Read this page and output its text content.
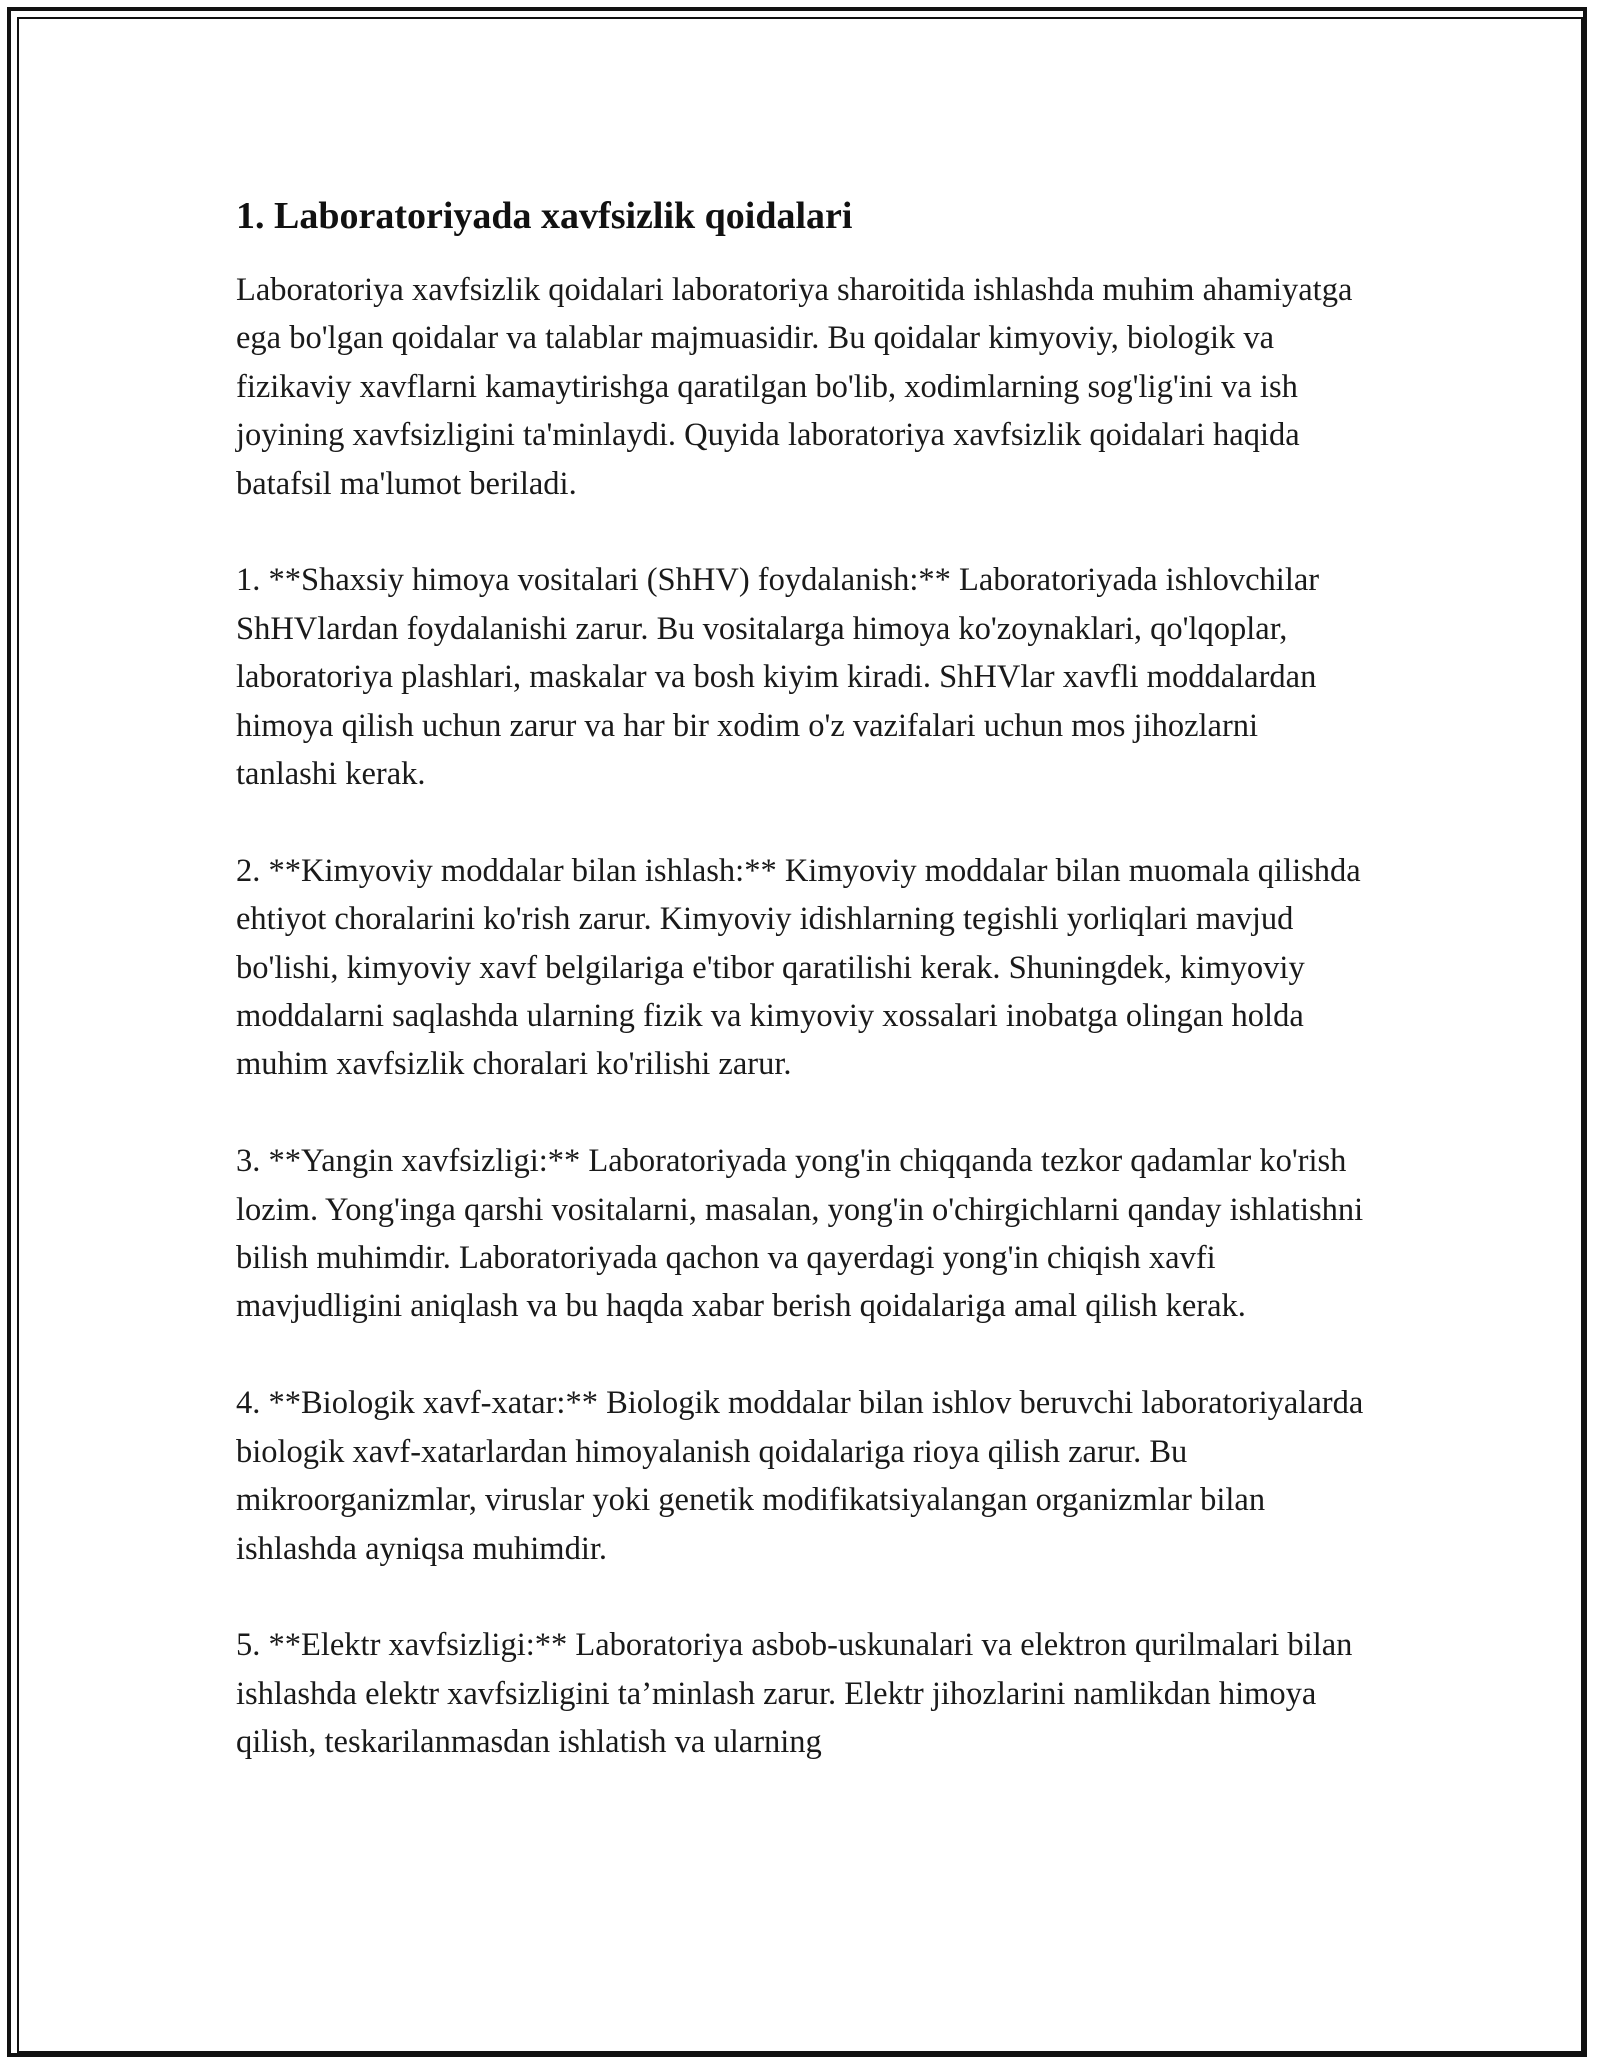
1. Laboratoriyada xavfsizlik qoidalari

Laboratoriya xavfsizlik qoidalari laboratoriya sharoitida ishlashda muhim ahamiyatga ega bo'lgan qoidalar va talablar majmuasidir. Bu qoidalar kimyoviy, biologik va fizikaviy xavflarni kamaytirishga qaratilgan bo'lib, xodimlarning sog'lig'ini va ish joyining xavfsizligini ta'minlaydi. Quyida laboratoriya xavfsizlik qoidalari haqida batafsil ma'lumot beriladi.

1. **Shaxsiy himoya vositalari (ShHV) foydalanish:** Laboratoriyada ishlovchilar ShHVlardan foydalanishi zarur. Bu vositalarga himoya ko'zoynaklari, qo'lqoplar, laboratoriya plashlari, maskalar va bosh kiyim kiradi. ShHVlar xavfli moddalardan himoya qilish uchun zarur va har bir xodim o'z vazifalari uchun mos jihozlarni tanlashi kerak.

2. **Kimyoviy moddalar bilan ishlash:** Kimyoviy moddalar bilan muomala qilishda ehtiyot choralarini ko'rish zarur. Kimyoviy idishlarning tegishli yorliqlari mavjud bo'lishi, kimyoviy xavf belgilariga e'tibor qaratilishi kerak. Shuningdek, kimyoviy moddalarni saqlashda ularning fizik va kimyoviy xossalari inobatga olingan holda muhim xavfsizlik choralari ko'rilishi zarur.

3. **Yangin xavfsizligi:** Laboratoriyada yong'in chiqqanda tezkor qadamlar ko'rish lozim. Yong'inga qarshi vositalarni, masalan, yong'in o'chirgichlarni qanday ishlatishni bilish muhimdir. Laboratoriyada qachon va qayerdagi yong'in chiqish xavfi mavjudligini aniqlash va bu haqda xabar berish qoidalariga amal qilish kerak.

4. **Biologik xavf-xatar:** Biologik moddalar bilan ishlov beruvchi laboratoriyalarda biologik xavf-xatarlardan himoyalanish qoidalariga rioya qilish zarur. Bu mikroorganizmlar, viruslar yoki genetik modifikatsiyalangan organizmlar bilan ishlashda ayniqsa muhimdir.

5. **Elektr xavfsizligi:** Laboratoriya asbob-uskunalari va elektron qurilmalari bilan ishlashda elektr xavfsizligini ta’minlash zarur. Elektr jihozlarini namlikdan himoya qilish, teskarilanmasdan ishlatish va ularning
